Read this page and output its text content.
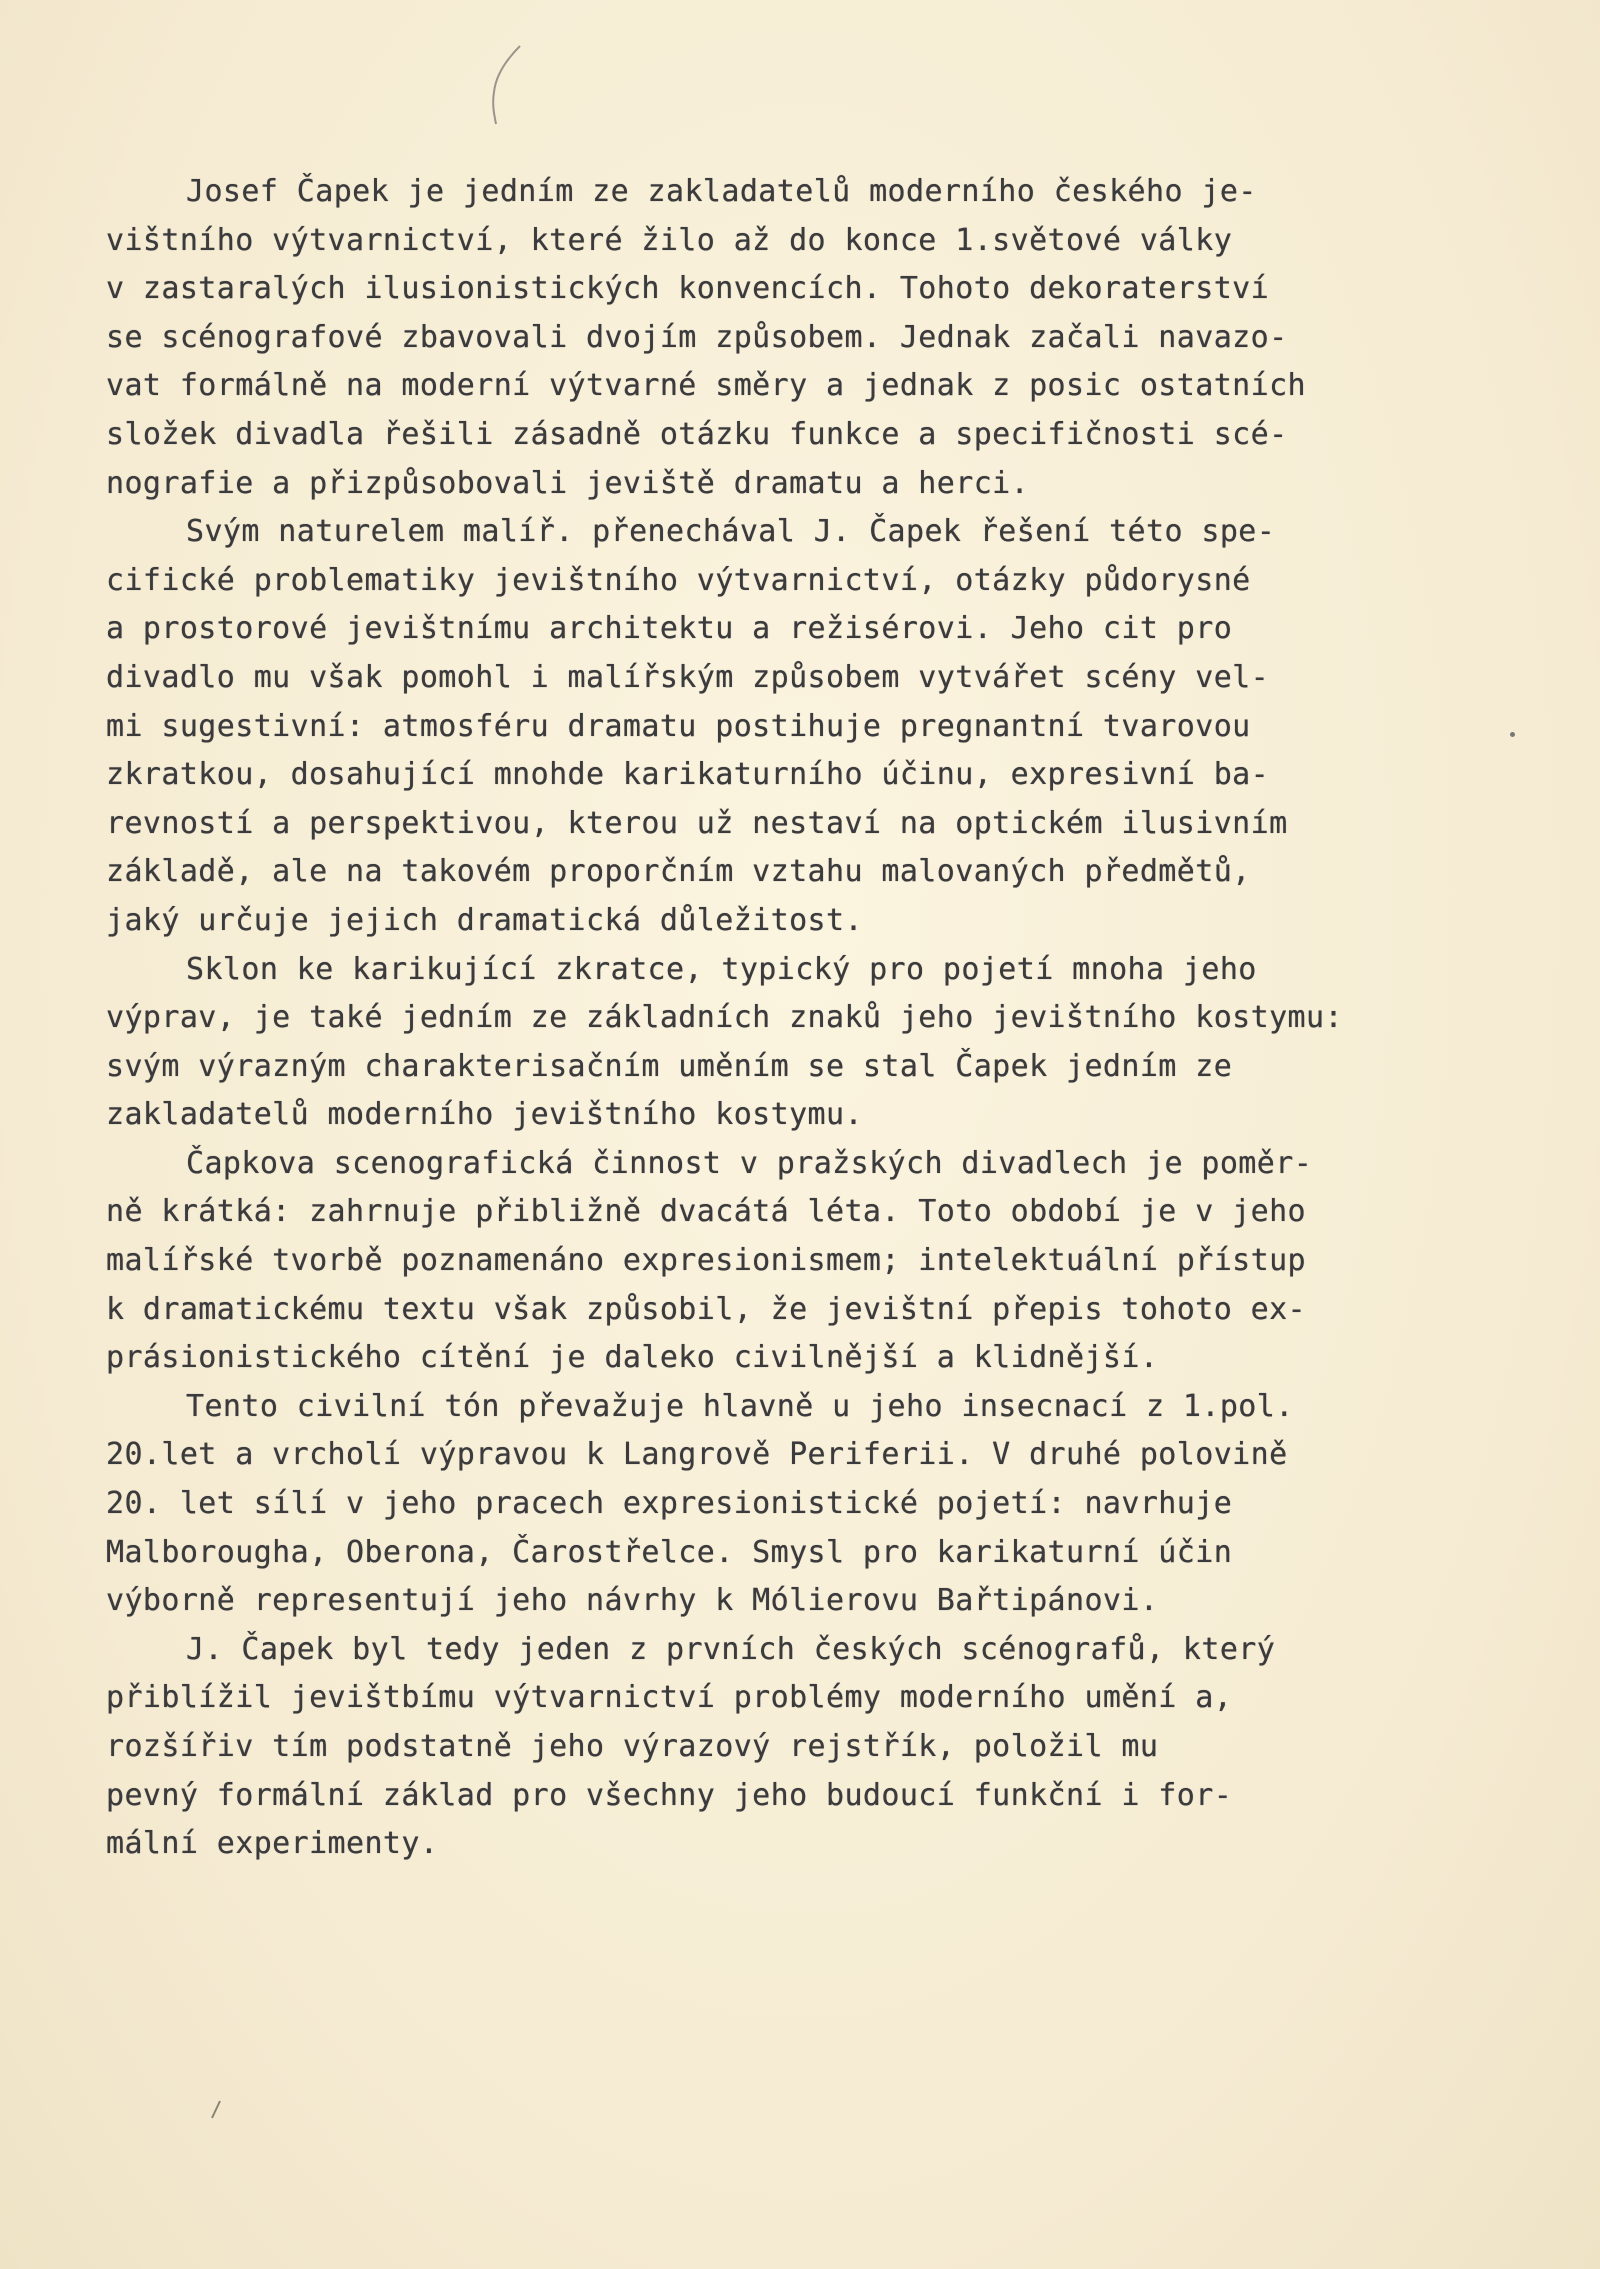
Josef Čapek je jedním ze zakladatelů moderního českého je-
vištního výtvarnictví, které žilo až do konce 1.světové války
v zastaralých ilusionistických konvencích. Tohoto dekoraterství
se scénografové zbavovali dvojím způsobem. Jednak začali navazo-
vat formálně na moderní výtvarné směry a jednak z posic ostatních
složek divadla řešili zásadně otázku funkce a specifičnosti scé-
nografie a přizpůsobovali jeviště dramatu a herci.
Svým naturelem malíř. přenechával J. Čapek řešení této spe-
cifické problematiky jevištního výtvarnictví, otázky půdorysné
a prostorové jevištnímu architektu a režisérovi. Jeho cit pro
divadlo mu však pomohl i malířským způsobem vytvářet scény vel-
mi sugestivní: atmosféru dramatu postihuje pregnantní tvarovou
zkratkou, dosahující mnohde karikaturního účinu, expresivní ba-
revností a perspektivou, kterou už nestaví na optickém ilusivním
základě, ale na takovém proporčním vztahu malovaných předmětů,
jaký určuje jejich dramatická důležitost.
Sklon ke karikující zkratce, typický pro pojetí mnoha jeho
výprav, je také jedním ze základních znaků jeho jevištního kostymu:
svým výrazným charakterisačním uměním se stal Čapek jedním ze
zakladatelů moderního jevištního kostymu.
Čapkova scenografická činnost v pražských divadlech je poměr-
ně krátká: zahrnuje přibližně dvacátá léta. Toto období je v jeho
malířské tvorbě poznamenáno expresionismem; intelektuální přístup
k dramatickému textu však způsobil, že jevištní přepis tohoto ex-
prásionistického cítění je daleko civilnější a klidnější.
Tento civilní tón převažuje hlavně u jeho insecnací z 1.pol.
20.let a vrcholí výpravou k Langrově Periferii. V druhé polovině
20. let sílí v jeho pracech expresionistické pojetí: navrhuje
Malborougha, Oberona, Čarostřelce. Smysl pro karikaturní účin
výborně representují jeho návrhy k Mólierovu Bařtipánovi.
J. Čapek byl tedy jeden z prvních českých scénografů, který
přiblížil jevištbímu výtvarnictví problémy moderního umění a,
rozšířiv tím podstatně jeho výrazový rejstřík, položil mu
pevný formální základ pro všechny jeho budoucí funkční i for-
mální experimenty.
